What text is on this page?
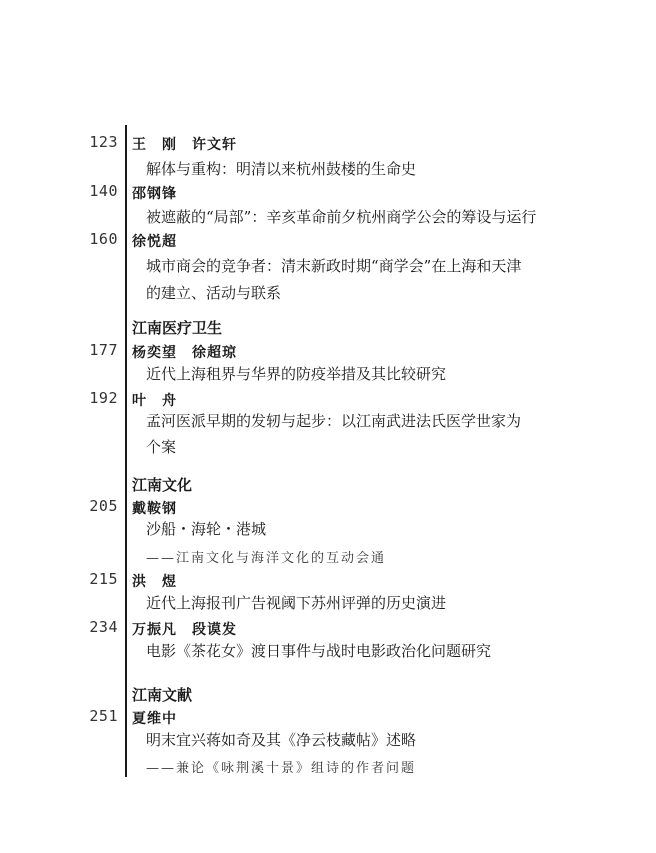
123 王　刚　许文轩
解体与重构：明清以来杭州鼓楼的生命史
140 邵钢锋
被遮蔽的“局部”：辛亥革命前夕杭州商学公会的筹设与运行
160 徐悦超
城市商会的竞争者：清末新政时期“商学会”在上海和天津
的建立、活动与联系
江南医疗卫生
177 杨奕望　徐超琼
近代上海租界与华界的防疫举措及其比较研究
192 叶　舟
孟河医派早期的发轫与起步：以江南武进法氏医学世家为
个案
江南文化
205 戴鞍钢
沙船・海轮・港城
——江南文化与海洋文化的互动会通
215 洪　煜
近代上海报刊广告视阈下苏州评弹的历史演进
234 万振凡　段谟发
电影《茶花女》渡日事件与战时电影政治化问题研究
江南文献
251 夏维中
明末宜兴蒋如奇及其《净云枝藏帖》述略
——兼论《咏荆溪十景》组诗的作者问题
